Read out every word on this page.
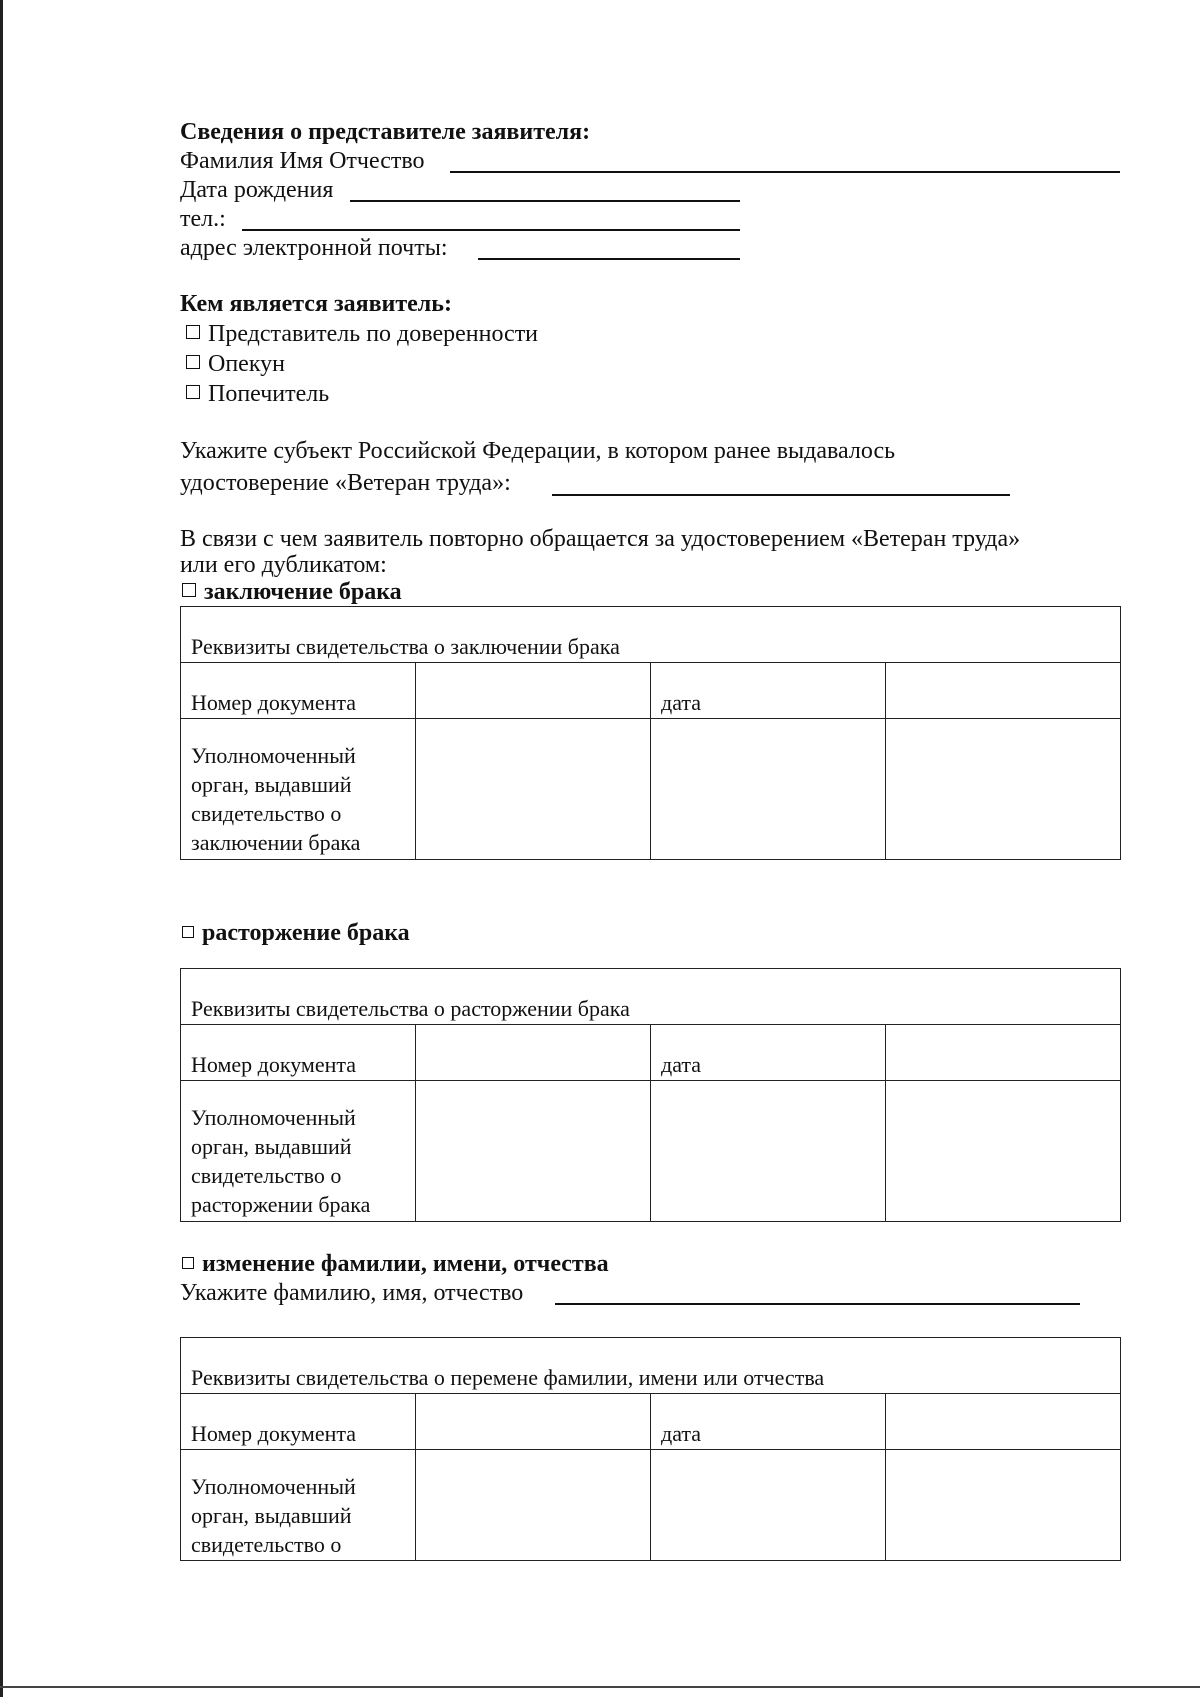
Сведения о представителе заявителя:
Фамилия Имя Отчество
Дата рождения
тел.:
адрес электронной почты:
Кем является заявитель:
Представитель по доверенности
Опекун
Попечитель
Укажите субъект Российской Федерации, в котором ранее выдавалось
удостоверение «Ветеран труда»:
В связи с чем заявитель повторно обращается за удостоверением «Ветеран труда»
или его дубликатом:
заключение брака
Реквизиты свидетельства о заключении брака			
Номер документа		дата	
Уполномоченный орган, выдавший свидетельство о заключении брака			
расторжение брака
Реквизиты свидетельства о расторжении брака			
Номер документа		дата	
Уполномоченный орган, выдавший свидетельство о расторжении брака			
изменение фамилии, имени, отчества
Укажите фамилию, имя, отчество
Реквизиты свидетельства о перемене фамилии, имени или отчества			
Номер документа		дата	
Уполномоченный орган, выдавший свидетельство о			
